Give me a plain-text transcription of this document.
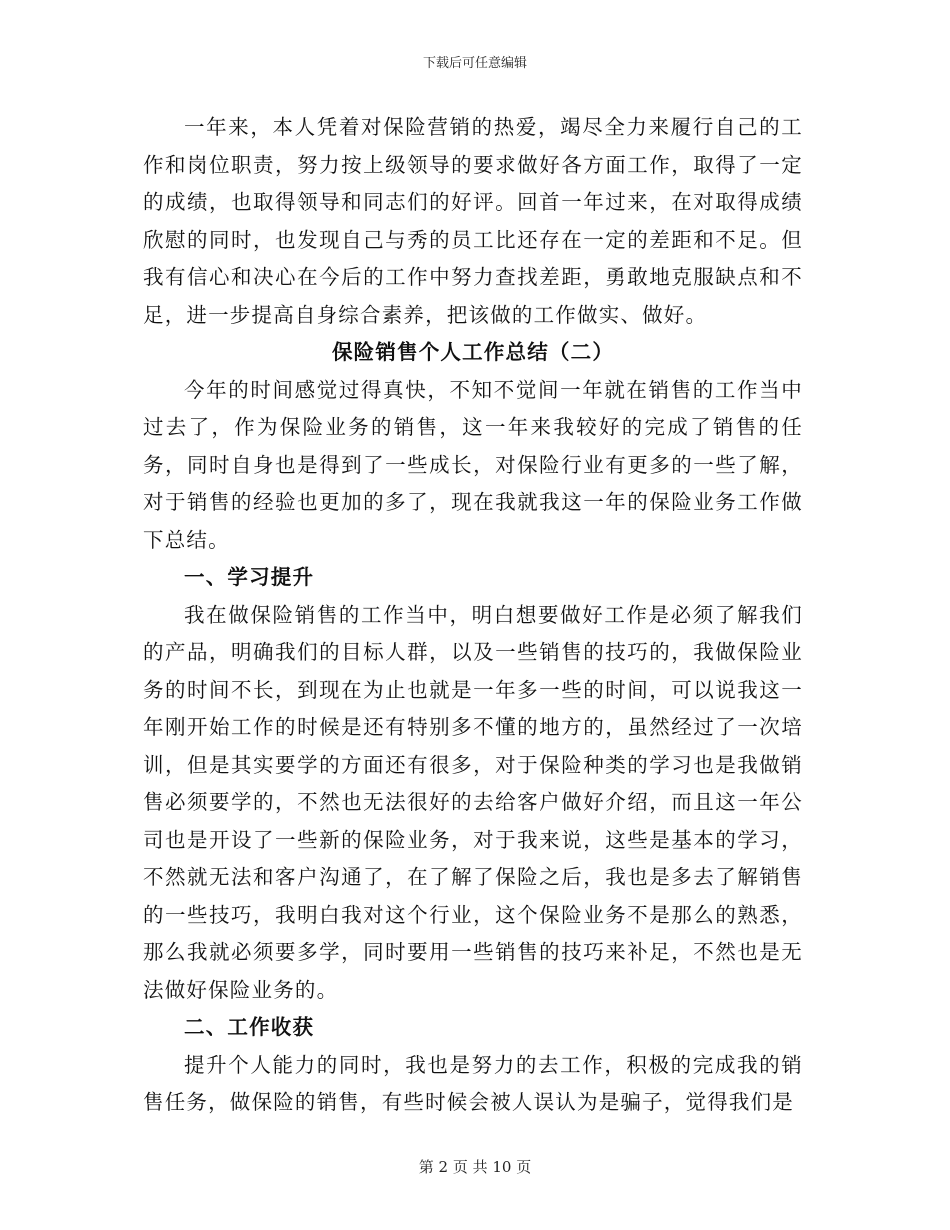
下载后可任意编辑

一年来，本人凭着对保险营销的热爱，竭尽全力来履行自己的工作和岗位职责，努力按上级领导的要求做好各方面工作，取得了一定的成绩，也取得领导和同志们的好评。回首一年过来，在对取得成绩欣慰的同时，也发现自己与秀的员工比还存在一定的差距和不足。但我有信心和决心在今后的工作中努力查找差距，勇敢地克服缺点和不足，进一步提高自身综合素养，把该做的工作做实、做好。

保险销售个人工作总结（二）

今年的时间感觉过得真快，不知不觉间一年就在销售的工作当中过去了，作为保险业务的销售，这一年来我较好的完成了销售的任务，同时自身也是得到了一些成长，对保险行业有更多的一些了解，对于销售的经验也更加的多了，现在我就我这一年的保险业务工作做下总结。

一、学习提升

我在做保险销售的工作当中，明白想要做好工作是必须了解我们的产品，明确我们的目标人群，以及一些销售的技巧的，我做保险业务的时间不长，到现在为止也就是一年多一些的时间，可以说我这一年刚开始工作的时候是还有特别多不懂的地方的，虽然经过了一次培训，但是其实要学的方面还有很多，对于保险种类的学习也是我做销售必须要学的，不然也无法很好的去给客户做好介绍，而且这一年公司也是开设了一些新的保险业务，对于我来说，这些是基本的学习，不然就无法和客户沟通了，在了解了保险之后，我也是多去了解销售的一些技巧，我明白我对这个行业，这个保险业务不是那么的熟悉，那么我就必须要多学，同时要用一些销售的技巧来补足，不然也是无法做好保险业务的。

二、工作收获

提升个人能力的同时，我也是努力的去工作，积极的完成我的销售任务，做保险的销售，有些时候会被人误认为是骗子，觉得我们是

第 2 页 共 10 页
